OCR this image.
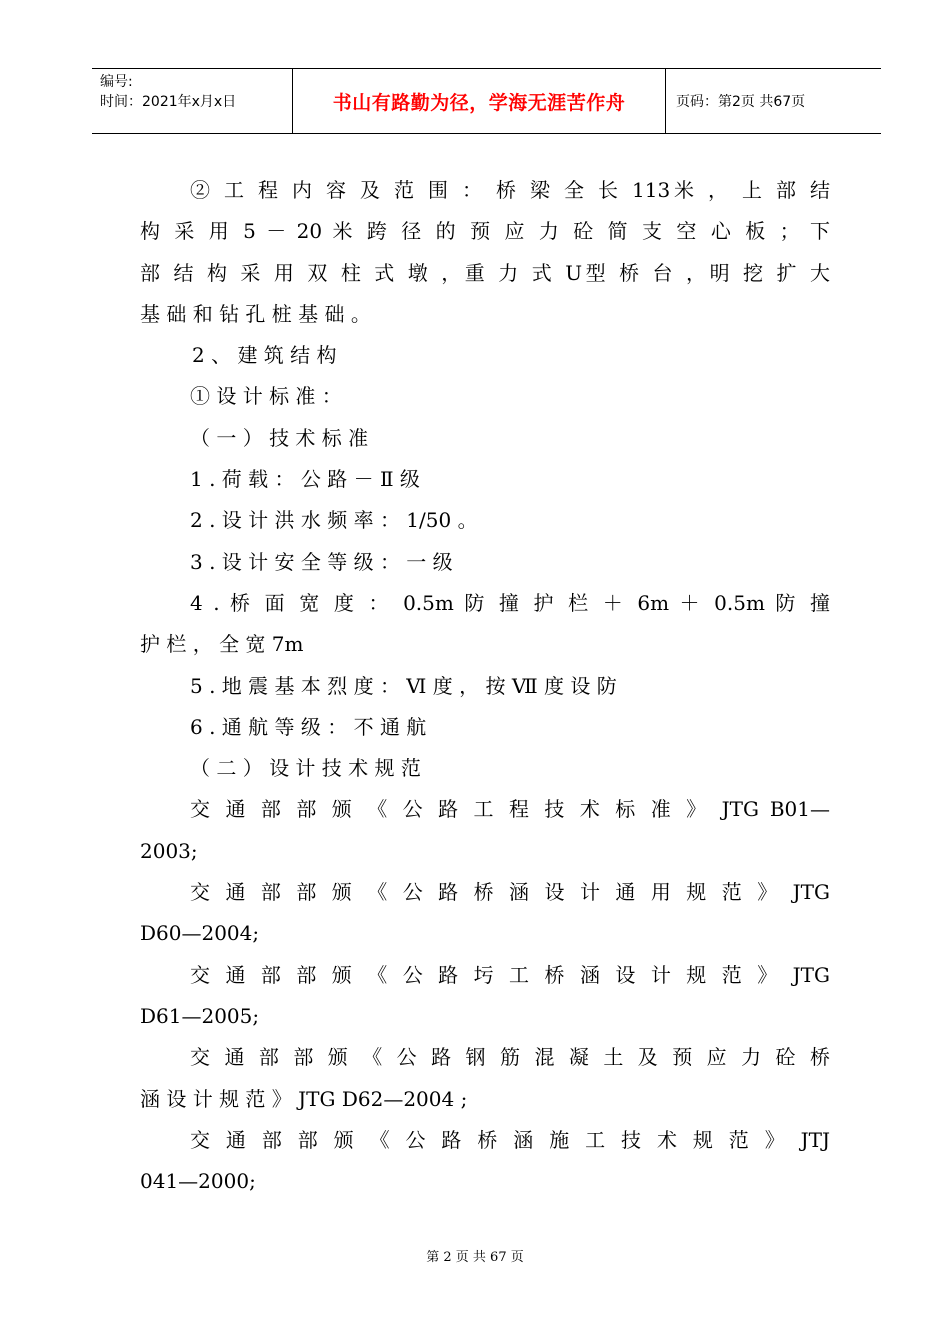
编号:
时间：2021年x月x日	书山有路勤为径，学海无涯苦作舟	页码：第2页 共67页
② 工 程 内 容 及 范 围 ： 桥 梁 全 长 113米 ， 上 部 结
构 采 用 5 － 20 米 跨 径 的 预 应 力 砼 简 支 空 心 板 ； 下
部 结 构 采 用 双 柱 式 墩 ，重 力 式 U型 桥 台 ，明 挖 扩 大
基 础 和 钻 孔 桩 基 础 。
2 、 建 筑 结 构
① 设 计 标 准 ：
（ 一 ） 技 术 标 准
1 . 荷 载 ： 公 路 － Ⅱ 级
2 . 设 计 洪 水 频 率 ： 1/50 。
3 . 设 计 安 全 等 级 ： 一 级
4 . 桥 面 宽 度 ： 0.5m 防 撞 护 栏 ＋ 6m ＋ 0.5m 防 撞
护 栏 ， 全 宽 7m
5 . 地 震 基 本 烈 度 ： Ⅵ 度 ， 按 Ⅶ 度 设 防
6 . 通 航 等 级 ： 不 通 航
（ 二 ） 设 计 技 术 规 范
交 通 部 部 颁 《 公 路 工 程 技 术 标 准 》 JTG B01—
2003;
交 通 部 部 颁 《 公 路 桥 涵 设 计 通 用 规 范 》 JTG
D60—2004;
交 通 部 部 颁 《 公 路 圬 工 桥 涵 设 计 规 范 》 JTG
D61—2005;
交 通 部 部 颁 《 公 路 钢 筋 混 凝 土 及 预 应 力 砼 桥
涵 设 计 规 范 》 JTG D62—2004 ;
交 通 部 部 颁 《 公 路 桥 涵 施 工 技 术 规 范 》 JTJ
041—2000;
第 2 页 共 67 页
